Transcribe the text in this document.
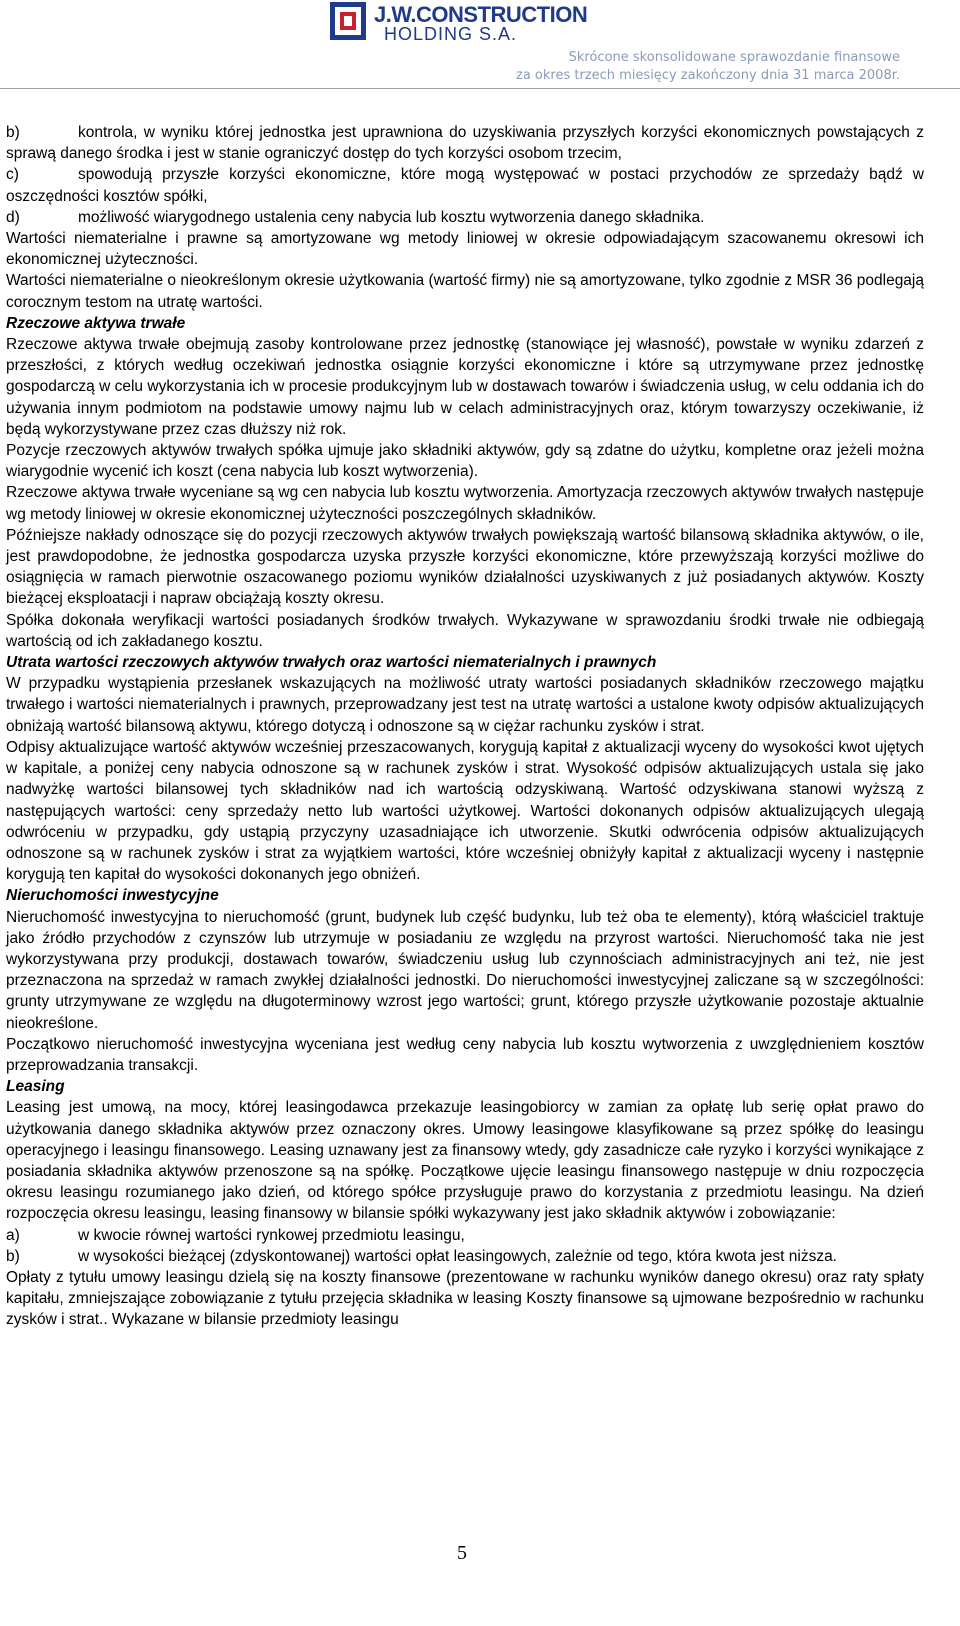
J.W.CONSTRUCTION
HOLDING S.A.
Skrócone skonsolidowane sprawozdanie finansowe
za okres trzech miesięcy zakończony dnia 31 marca 2008r.
b)	kontrola, w wyniku której jednostka jest uprawniona do uzyskiwania przyszłych korzyści ekonomicznych powstających z sprawą danego środka i jest w stanie ograniczyć dostęp do tych korzyści osobom trzecim,
c)	spowodują przyszłe korzyści ekonomiczne, które mogą występować w postaci przychodów ze sprzedaży bądź w oszczędności kosztów spółki,
d)	możliwość wiarygodnego ustalenia ceny nabycia lub kosztu wytworzenia danego składnika.

Wartości niematerialne i prawne są amortyzowane wg metody liniowej w okresie odpowiadającym szacowanemu okresowi ich ekonomicznej użyteczności.

Wartości niematerialne o nieokreślonym okresie użytkowania (wartość firmy) nie są amortyzowane, tylko zgodnie z MSR 36 podlegają corocznym testom na utratę wartości.

Rzeczowe aktywa trwałe

Rzeczowe aktywa trwałe obejmują zasoby kontrolowane przez jednostkę (stanowiące jej własność), powstałe w wyniku zdarzeń z przeszłości, z których według oczekiwań jednostka osiągnie korzyści ekonomiczne i które są utrzymywane przez jednostkę gospodarczą w celu wykorzystania ich w procesie produkcyjnym lub w dostawach towarów i świadczenia usług, w celu oddania ich do używania innym podmiotom na podstawie umowy najmu lub w celach administracyjnych oraz, którym towarzyszy oczekiwanie, iż będą wykorzystywane przez czas dłuższy niż rok.

Pozycje rzeczowych aktywów trwałych spółka ujmuje jako składniki aktywów, gdy są zdatne do użytku, kompletne oraz jeżeli można wiarygodnie wycenić ich koszt (cena nabycia lub koszt wytworzenia).

Rzeczowe aktywa trwałe wyceniane są wg cen nabycia lub kosztu wytworzenia. Amortyzacja rzeczowych aktywów trwałych następuje wg metody liniowej w okresie ekonomicznej użyteczności poszczególnych składników.

Późniejsze nakłady odnoszące się do pozycji rzeczowych aktywów trwałych powiększają wartość bilansową składnika aktywów, o ile, jest prawdopodobne, że jednostka gospodarcza uzyska przyszłe korzyści ekonomiczne, które przewyższają korzyści możliwe do osiągnięcia w ramach pierwotnie oszacowanego poziomu wyników działalności uzyskiwanych z już posiadanych aktywów. Koszty bieżącej eksploatacji i napraw obciążają koszty okresu.

Spółka dokonała weryfikacji wartości posiadanych środków trwałych. Wykazywane w sprawozdaniu środki trwałe nie odbiegają wartością od ich zakładanego kosztu.

Utrata wartości rzeczowych aktywów trwałych oraz wartości niematerialnych i prawnych

W przypadku wystąpienia przesłanek wskazujących na możliwość utraty wartości posiadanych składników rzeczowego majątku trwałego i wartości niematerialnych i prawnych, przeprowadzany jest test na utratę wartości a ustalone kwoty odpisów aktualizujących obniżają wartość bilansową aktywu, którego dotyczą i odnoszone są w ciężar rachunku zysków i strat.

Odpisy aktualizujące wartość aktywów wcześniej przeszacowanych, korygują kapitał z aktualizacji wyceny do wysokości kwot ujętych w kapitale, a poniżej ceny nabycia odnoszone są w rachunek zysków i strat. Wysokość odpisów aktualizujących ustala się jako nadwyżkę wartości bilansowej tych składników nad ich wartością odzyskiwaną. Wartość odzyskiwana stanowi wyższą z następujących wartości: ceny sprzedaży netto lub wartości użytkowej. Wartości dokonanych odpisów aktualizujących ulegają odwróceniu w przypadku, gdy ustąpią przyczyny uzasadniające ich utworzenie. Skutki odwrócenia odpisów aktualizujących odnoszone są w rachunek zysków i strat za wyjątkiem wartości, które wcześniej obniżyły kapitał z aktualizacji wyceny i następnie korygują ten kapitał do wysokości dokonanych jego obniżeń.

Nieruchomości inwestycyjne

Nieruchomość inwestycyjna to nieruchomość (grunt, budynek lub część budynku, lub też oba te elementy), którą właściciel traktuje jako źródło przychodów z czynszów lub utrzymuje w posiadaniu ze względu na przyrost wartości. Nieruchomość taka nie jest wykorzystywana przy produkcji, dostawach towarów, świadczeniu usług lub czynnościach administracyjnych ani też, nie jest przeznaczona na sprzedaż w ramach zwykłej działalności jednostki. Do nieruchomości inwestycyjnej zaliczane są w szczególności: grunty utrzymywane ze względu na długoterminowy wzrost jego wartości; grunt, którego przyszłe użytkowanie pozostaje aktualnie nieokreślone.

Początkowo nieruchomość inwestycyjna wyceniana jest według ceny nabycia lub kosztu wytworzenia z uwzględnieniem kosztów przeprowadzania transakcji.

Leasing

Leasing jest umową, na mocy, której leasingodawca przekazuje leasingobiorcy w zamian za opłatę lub serię opłat prawo do użytkowania danego składnika aktywów przez oznaczony okres. Umowy leasingowe klasyfikowane są przez spółkę do leasingu operacyjnego i leasingu finansowego. Leasing uznawany jest za finansowy wtedy, gdy zasadnicze całe ryzyko i korzyści wynikające z posiadania składnika aktywów przenoszone są na spółkę. Początkowe ujęcie leasingu finansowego następuje w dniu rozpoczęcia okresu leasingu rozumianego jako dzień, od którego spółce przysługuje prawo do korzystania z przedmiotu leasingu. Na dzień rozpoczęcia okresu leasingu, leasing finansowy w bilansie spółki wykazywany jest jako składnik aktywów i zobowiązanie:

a)	w kwocie równej wartości rynkowej przedmiotu leasingu,
b)	w wysokości bieżącej (zdyskontowanej) wartości opłat leasingowych, zależnie od tego, która kwota jest niższa.

Opłaty z tytułu umowy leasingu dzielą się na koszty finansowe (prezentowane w rachunku wyników danego okresu) oraz raty spłaty kapitału, zmniejszające zobowiązanie z tytułu przejęcia składnika w leasing Koszty finansowe są ujmowane bezpośrednio w rachunku zysków i strat.. Wykazane w bilansie przedmioty leasingu

5
